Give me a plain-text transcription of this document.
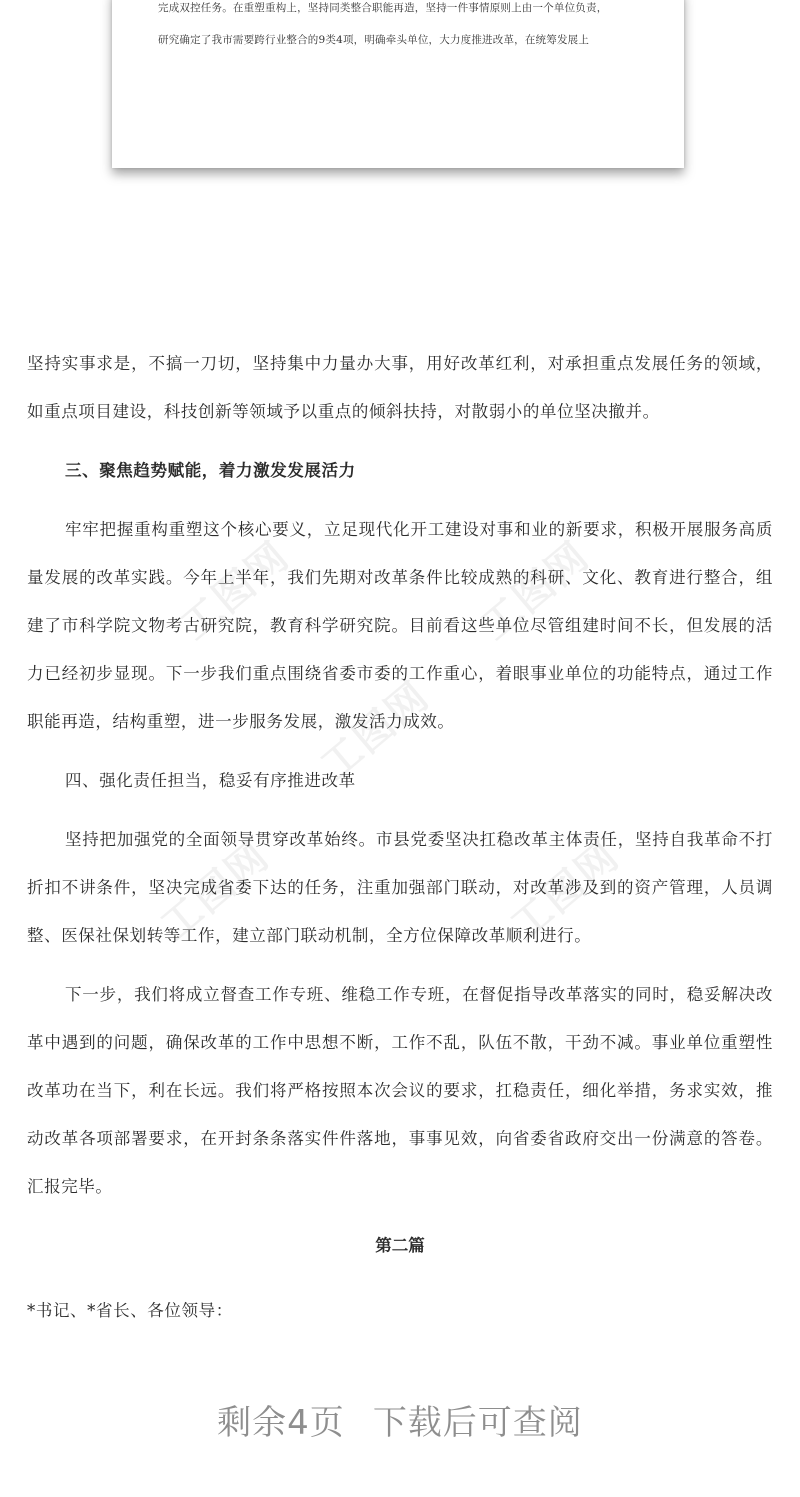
完成双控任务。在重塑重构上，坚持同类整合职能再造，坚持一件事情原则上由一个单位负责，
研究确定了我市需要跨行业整合的9类4项，明确牵头单位，大力度推进改革，在统筹发展上
工图网	工图网
工图网
工图网	工图网

坚持实事求是，不搞一刀切，坚持集中力量办大事，用好改革红利，对承担重点发展任务的领域，如重点项目建设，科技创新等领域予以重点的倾斜扶持，对散弱小的单位坚决撤并。

三、聚焦趋势赋能，着力激发发展活力

牢牢把握重构重塑这个核心要义，立足现代化开工建设对事和业的新要求，积极开展服务高质量发展的改革实践。今年上半年，我们先期对改革条件比较成熟的科研、文化、教育进行整合，组建了市科学院文物考古研究院，教育科学研究院。目前看这些单位尽管组建时间不长，但发展的活力已经初步显现。下一步我们重点围绕省委市委的工作重心，着眼事业单位的功能特点，通过工作职能再造，结构重塑，进一步服务发展，激发活力成效。

四、强化责任担当，稳妥有序推进改革

坚持把加强党的全面领导贯穿改革始终。市县党委坚决扛稳改革主体责任，坚持自我革命不打折扣不讲条件，坚决完成省委下达的任务，注重加强部门联动，对改革涉及到的资产管理，人员调整、医保社保划转等工作，建立部门联动机制，全方位保障改革顺利进行。

下一步，我们将成立督查工作专班、维稳工作专班，在督促指导改革落实的同时，稳妥解决改革中遇到的问题，确保改革的工作中思想不断，工作不乱，队伍不散，干劲不减。事业单位重塑性改革功在当下，利在长远。我们将严格按照本次会议的要求，扛稳责任，细化举措，务求实效，推动改革各项部署要求，在开封条条落实件件落地，事事见效，向省委省政府交出一份满意的答卷。汇报完毕。

第二篇

*书记、*省长、各位领导：

剩余4页 下载后可查阅
